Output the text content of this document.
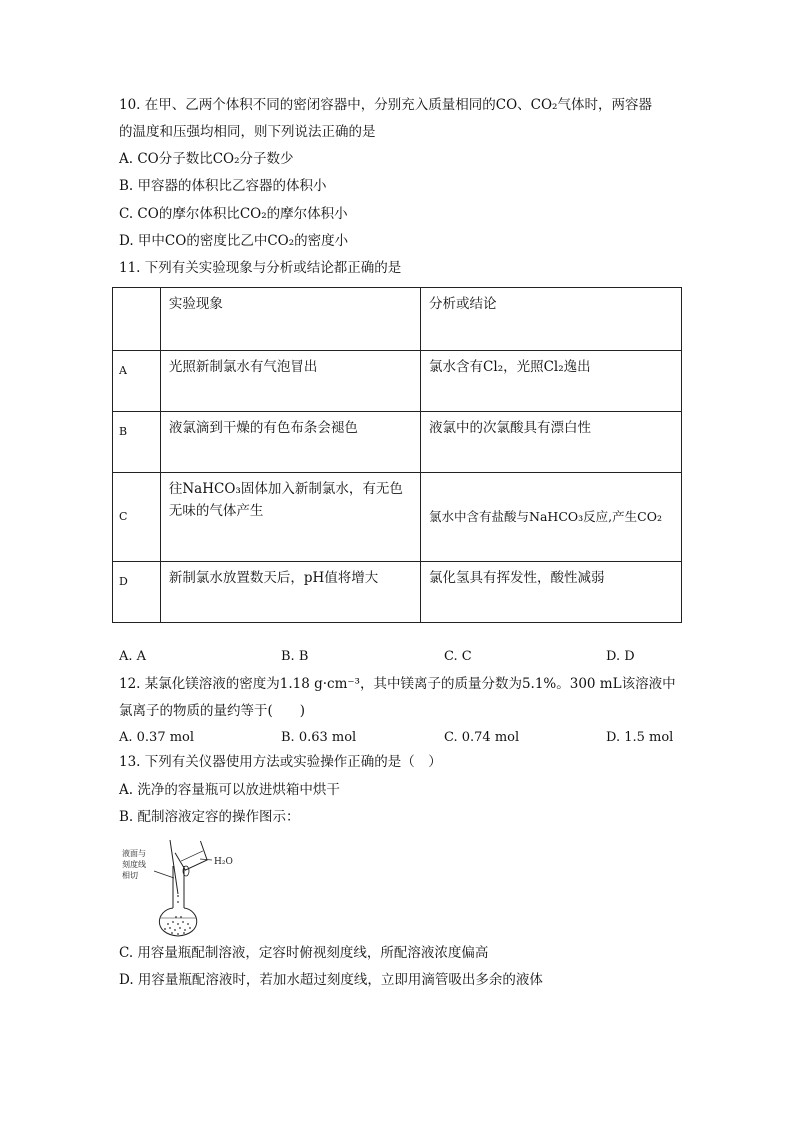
10. 在甲、乙两个体积不同的密闭容器中，分别充入质量相同的CO、CO₂气体时，两容器
的温度和压强均相同，则下列说法正确的是
A. CO分子数比CO₂分子数少
B. 甲容器的体积比乙容器的体积小
C. CO的摩尔体积比CO₂的摩尔体积小
D. 甲中CO的密度比乙中CO₂的密度小
11. 下列有关实验现象与分析或结论都正确的是

	实验现象	分析或结论

A	光照新制氯水有气泡冒出	氯水含有Cl₂，光照Cl₂逸出

B	液氯滴到干燥的有色布条会褪色	液氯中的次氯酸具有漂白性

C	往NaHCO₃固体加入新制氯水，有无色无味的气体产生	氯水中含有盐酸与NaHCO₃反应,产生CO₂

D	新制氯水放置数天后，pH值将增大	氯化氢具有挥发性，酸性减弱
A. A	B. B	C. C	D. D
12. 某氯化镁溶液的密度为1.18 g·cm⁻³，其中镁离子的质量分数为5.1%。300 mL该溶液中
氯离子的物质的量约等于(　　)
A. 0.37 mol	B. 0.63 mol	C. 0.74 mol	D. 1.5 mol
13. 下列有关仪器使用方法或实验操作正确的是（　）
A. 洗净的容量瓶可以放进烘箱中烘干
B. 配制溶液定容的操作图示：
液面与
刻度线
相切
H₂O
C. 用容量瓶配制溶液，定容时俯视刻度线，所配溶液浓度偏高
D. 用容量瓶配溶液时，若加水超过刻度线，立即用滴管吸出多余的液体
